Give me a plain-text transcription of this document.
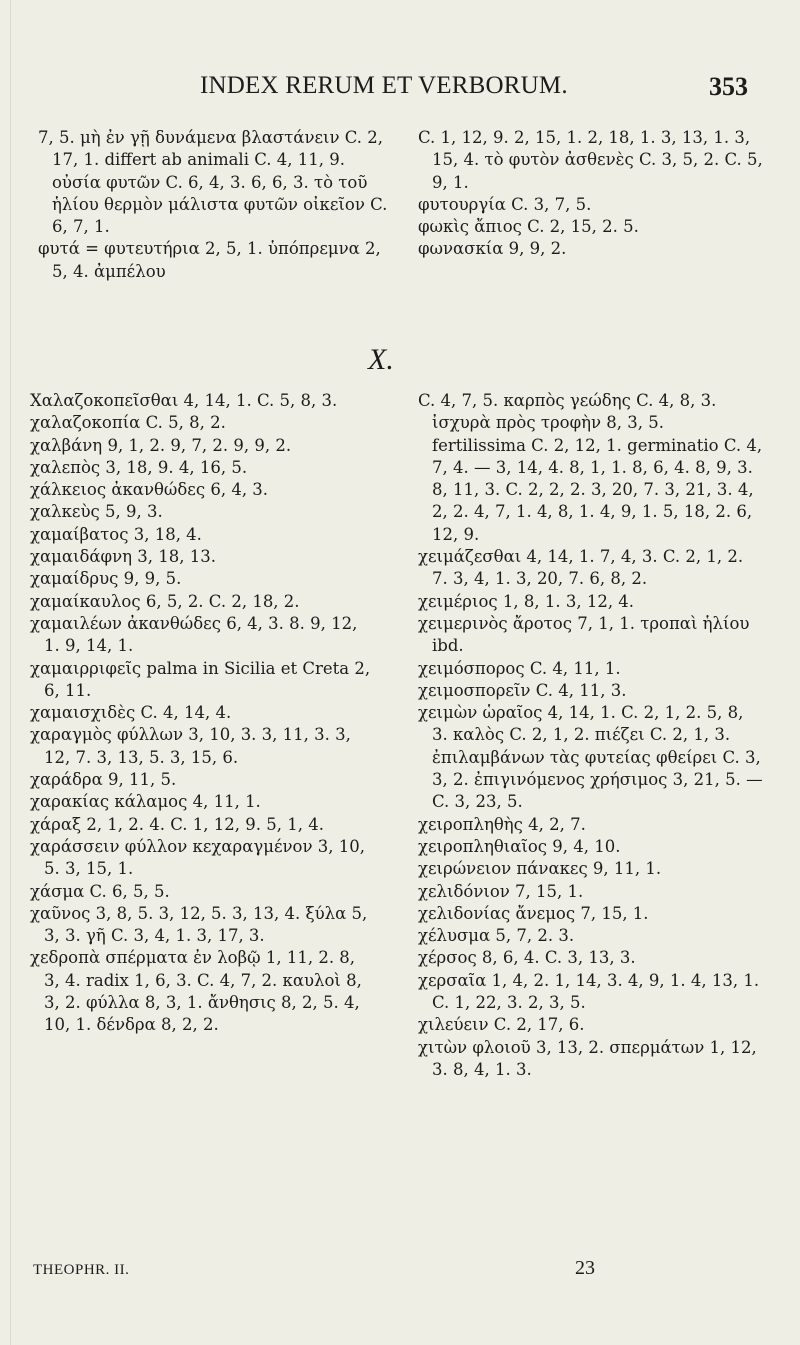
INDEX RERUM ET VERBORUM.	353

7, 5. μὴ ἐν γῇ δυνάμενα βλαστάνειν C. 2, 17, 1. differt ab animali C. 4, 11, 9. οὐσία φυτῶν C. 6, 4, 3. 6, 6, 3. τὸ τοῦ ἡλίου θερμὸν μάλιστα φυτῶν οἰκεῖον C. 6, 7, 1.

φυτά = φυτευτήρια 2, 5, 1. ὑπόπρεμνα 2, 5, 4. ἀμπέλου

C. 1, 12, 9. 2, 15, 1. 2, 18, 1. 3, 13, 1. 3, 15, 4. τὸ φυτὸν ἀσθενὲς C. 3, 5, 2. C. 5, 9, 1.

φυτουργία C. 3, 7, 5.

φωκὶς ἄπιος C. 2, 15, 2. 5.

φωνασκία 9, 9, 2.

X.

Χαλαζοκοπεῖσθαι 4, 14, 1. C. 5, 8, 3.

χαλαζοκοπία C. 5, 8, 2.

χαλβάνη 9, 1, 2. 9, 7, 2. 9, 9, 2.

χαλεπὸς 3, 18, 9. 4, 16, 5.

χάλκειος ἀκανθώδες 6, 4, 3.

χαλκεὺς 5, 9, 3.

χαμαίβατος 3, 18, 4.

χαμαιδάφνη 3, 18, 13.

χαμαίδρυς 9, 9, 5.

χαμαίκαυλος 6, 5, 2. C. 2, 18, 2.

χαμαιλέων ἀκανθώδες 6, 4, 3. 8. 9, 12, 1. 9, 14, 1.

χαμαιρριφεῖς palma in Sicilia et Creta 2, 6, 11.

χαμαισχιδὲς C. 4, 14, 4.

χαραγμὸς φύλλων 3, 10, 3. 3, 11, 3. 3, 12, 7. 3, 13, 5. 3, 15, 6.

χαράδρα 9, 11, 5.

χαρακίας κάλαμος 4, 11, 1.

χάραξ 2, 1, 2. 4. C. 1, 12, 9. 5, 1, 4.

χαράσσειν φύλλον κεχαραγμένον 3, 10, 5. 3, 15, 1.

χάσμα C. 6, 5, 5.

χαῦνος 3, 8, 5. 3, 12, 5. 3, 13, 4. ξύλα 5, 3, 3. γῆ C. 3, 4, 1. 3, 17, 3.

χεδροπὰ σπέρματα ἐν λοβῷ 1, 11, 2. 8, 3, 4. radix 1, 6, 3. C. 4, 7, 2. καυλοὶ 8, 3, 2. φύλλα 8, 3, 1. ἄνθησις 8, 2, 5. 4, 10, 1. δένδρα 8, 2, 2.

C. 4, 7, 5. καρπὸς γεώδης C. 4, 8, 3. ἰσχυρὰ πρὸς τροφὴν 8, 3, 5. fertilissima C. 2, 12, 1. germinatio C. 4, 7, 4. — 3, 14, 4. 8, 1, 1. 8, 6, 4. 8, 9, 3. 8, 11, 3. C. 2, 2, 2. 3, 20, 7. 3, 21, 3. 4, 2, 2. 4, 7, 1. 4, 8, 1. 4, 9, 1. 5, 18, 2. 6, 12, 9.

χειμάζεσθαι 4, 14, 1. 7, 4, 3. C. 2, 1, 2. 7. 3, 4, 1. 3, 20, 7. 6, 8, 2.

χειμέριος 1, 8, 1. 3, 12, 4.

χειμερινὸς ἄροτος 7, 1, 1. τροπαὶ ἡλίου ibd.

χειμόσπορος C. 4, 11, 1.

χειμοσπορεῖν C. 4, 11, 3.

χειμὼν ὡραῖος 4, 14, 1. C. 2, 1, 2. 5, 8, 3. καλὸς C. 2, 1, 2. πιέζει C. 2, 1, 3. ἐπιλαμβάνων τὰς φυτείας φθείρει C. 3, 3, 2. ἐπιγινόμενος χρήσιμος 3, 21, 5. — C. 3, 23, 5.

χειροπληθὴς 4, 2, 7.

χειροπληθιαῖος 9, 4, 10.

χειρώνειον πάνακες 9, 11, 1.

χελιδόνιον 7, 15, 1.

χελιδονίας ἄνεμος 7, 15, 1.

χέλυσμα 5, 7, 2. 3.

χέρσος 8, 6, 4. C. 3, 13, 3.

χερσαῖα 1, 4, 2. 1, 14, 3. 4, 9, 1. 4, 13, 1. C. 1, 22, 3. 2, 3, 5.

χιλεύειν C. 2, 17, 6.

χιτὼν φλοιοῦ 3, 13, 2. σπερμάτων 1, 12, 3. 8, 4, 1. 3.

THEOPHR. II.	23
